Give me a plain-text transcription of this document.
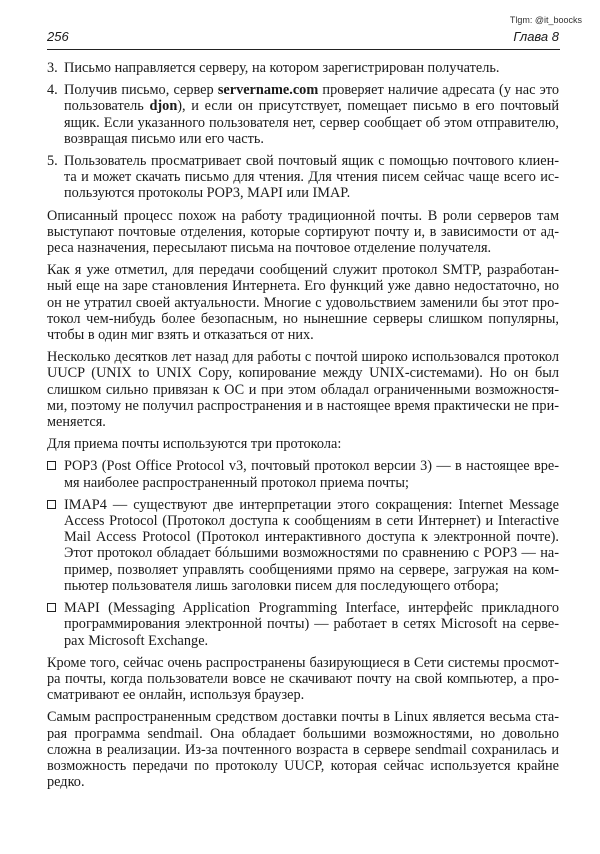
Tlgm: @it_boocks
256	Глава 8
3. Письмо направляется серверу, на котором зарегистрирован получатель.
4. Получив письмо, сервер servername.com проверяет наличие адресата (у нас это
пользователь djon), и если он присутствует, помещает письмо в его почтовый
ящик. Если указанного пользователя нет, сервер сообщает об этом отправителю,
возвращая письмо или его часть.
5. Пользователь просматривает свой почтовый ящик с помощью почтового клиен-
та и может скачать письмо для чтения. Для чтения писем сейчас чаще всего ис-
пользуются протоколы POP3, MAPI или IMAP.
Описанный процесс похож на работу традиционной почты. В роли серверов там
выступают почтовые отделения, которые сортируют почту и, в зависимости от ад-
реса назначения, пересылают письма на почтовое отделение получателя.
Как я уже отметил, для передачи сообщений служит протокол SMTP, разработан-
ный еще на заре становления Интернета. Его функций уже давно недостаточно, но
он не утратил своей актуальности. Многие с удовольствием заменили бы этот про-
токол чем-нибудь более безопасным, но нынешние серверы слишком популярны,
чтобы в один миг взять и отказаться от них.
Несколько десятков лет назад для работы с почтой широко использовался протокол
UUCP (UNIX to UNIX Copy, копирование между UNIX-системами). Но он был
слишком сильно привязан к ОС и при этом обладал ограниченными возможностя-
ми, поэтому не получил распространения и в настоящее время практически не при-
меняется.
Для приема почты используются три протокола:
POP3 (Post Office Protocol v3, почтовый протокол версии 3) — в настоящее вре-
мя наиболее распространенный протокол приема почты;
IMAP4 — существуют две интерпретации этого сокращения: Internet Message
Access Protocol (Протокол доступа к сообщениям в сети Интернет) и Interactive
Mail Access Protocol (Протокол интерактивного доступа к электронной почте).
Этот протокол обладает бóльшими возможностями по сравнению с POP3 — на-
пример, позволяет управлять сообщениями прямо на сервере, загружая на ком-
пьютер пользователя лишь заголовки писем для последующего отбора;
MAPI (Messaging Application Programming Interface, интерфейс прикладного
программирования электронной почты) — работает в сетях Microsoft на серве-
рах Microsoft Exchange.
Кроме того, сейчас очень распространены базирующиеся в Сети системы просмот-
ра почты, когда пользователи вовсе не скачивают почту на свой компьютер, а про-
сматривают ее онлайн, используя браузер.
Самым распространенным средством доставки почты в Linux является весьма ста-
рая программа sendmail. Она обладает большими возможностями, но довольно
сложна в реализации. Из-за почтенного возраста в сервере sendmail сохранилась и
возможность передачи по протоколу UUCP, которая сейчас используется крайне
редко.
